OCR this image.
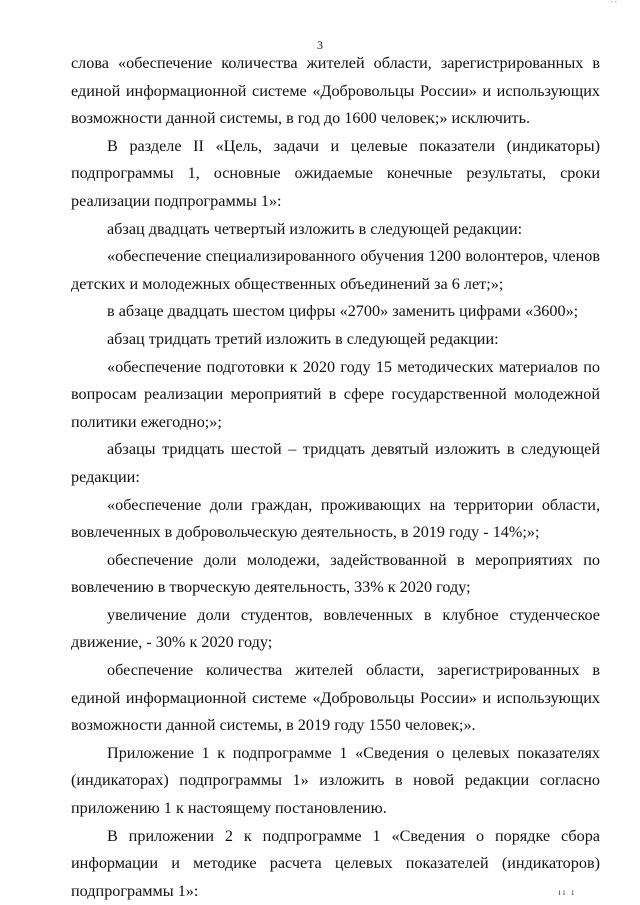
´´
3

слова «обеспечение количества жителей области, зарегистрированных в единой информационной системе «Добровольцы России» и использующих возможности данной системы, в год до 1600 человек;» исключить.

В разделе II «Цель, задачи и целевые показатели (индикаторы) подпрограммы 1, основные ожидаемые конечные результаты, сроки реализации подпрограммы 1»:

абзац двадцать четвертый изложить в следующей редакции:

«обеспечение специализированного обучения 1200 волонтеров, членов детских и молодежных общественных объединений за 6 лет;»;

в абзаце двадцать шестом цифры «2700» заменить цифрами «3600»;

абзац тридцать третий изложить в следующей редакции:

«обеспечение подготовки к 2020 году 15 методических материалов по вопросам реализации мероприятий в сфере государственной молодежной политики ежегодно;»;

абзацы тридцать шестой – тридцать девятый изложить в следующей редакции:

«обеспечение доли граждан, проживающих на территории области, вовлеченных в добровольческую деятельность, в 2019 году - 14%;»;

обеспечение доли молодежи, задействованной в мероприятиях по вовлечению в творческую деятельность, 33% к 2020 году;

увеличение доли студентов, вовлеченных в клубное студенческое движение, - 30% к 2020 году;

обеспечение количества жителей области, зарегистрированных в единой информационной системе «Добровольцы России» и использующих возможности данной системы, в 2019 году 1550 человек;».

Приложение 1 к подпрограмме 1 «Сведения о целевых показателях (индикаторах) подпрограммы 1» изложить в новой редакции согласно приложению 1 к настоящему постановлению.

В приложении 2 к подпрограмме 1 «Сведения о порядке сбора информации и методике расчета целевых показателей (индикаторов) подпрограммы 1»:	ıı ı
